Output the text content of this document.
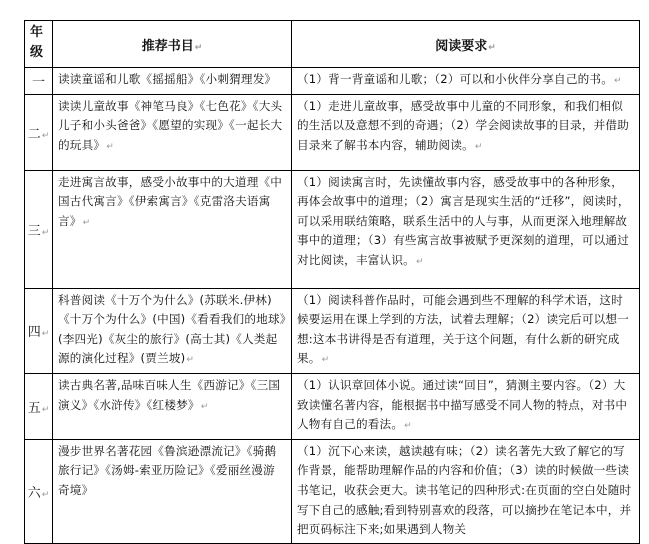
年级	推荐书目↵	阅读要求↵
一	读读童谣和儿歌《摇摇船》《小刺猬理发》	（1）背一背童谣和儿歌；（2）可以和小伙伴分享自己的书。↵
二↵	读读儿童故事《神笔马良》《七色花》《大头儿子和小头爸爸》《愿望的实现》《一起长大的玩具》↵	（1）走进儿童故事，感受故事中儿童的不同形象，和我们相似的生活以及意想不到的奇遇；（2）学会阅读故事的目录，并借助目录来了解书本内容，辅助阅读。↵
三↵	走进寓言故事，感受小故事中的大道理《中国古代寓言》《伊索寓言》《克雷洛夫语寓言》↵	（1）阅读寓言时，先读懂故事内容，感受故事中的各种形象，再体会故事中的道理；（2）寓言是现实生活的“迁移”，阅读时，可以采用联结策略，联系生活中的人与事，从而更深入地理解故事中的道理；（3）有些寓言故事被赋予更深刻的道理，可以通过对比阅读，丰富认识。↵
四↵	科普阅读《十万个为什么》(苏联米.伊林)《十万个为什么》(中国)《看看我们的地球》(李四光)《灰尘的旅行》(高士其)《人类起源的演化过程》(贾兰坡)↵	（1）阅读科普作品时，可能会遇到些不理解的科学术语，这时候要运用在课上学到的方法，试着去理解；（2）读完后可以想一想:这本书讲得是否有道理，关于这个问题，有什么新的研究成果。↵
五↵	读古典名著,品味百味人生《西游记》《三国演义》《水浒传》《红楼梦》↵	（1）认识章回体小说。通过读“回目”，猜测主要内容。（2）大致读懂名著内容，能根据书中描写感受不同人物的特点，对书中人物有自己的看法。↵
六↵	漫步世界名著花园《鲁滨逊漂流记》《骑鹅旅行记》《汤姆-索亚历险记》《爱丽丝漫游奇境》	（1）沉下心来读，越读越有味；（2）读名著先大致了解它的写作背景，能帮助理解作品的内容和价值；（3）读的时候做一些读书笔记，收获会更大。读书笔记的四种形式:在页面的空白处随时写下自己的感触;看到特别喜欢的段落，可以摘抄在笔记本中，并把页码标注下来;如果遇到人物关
